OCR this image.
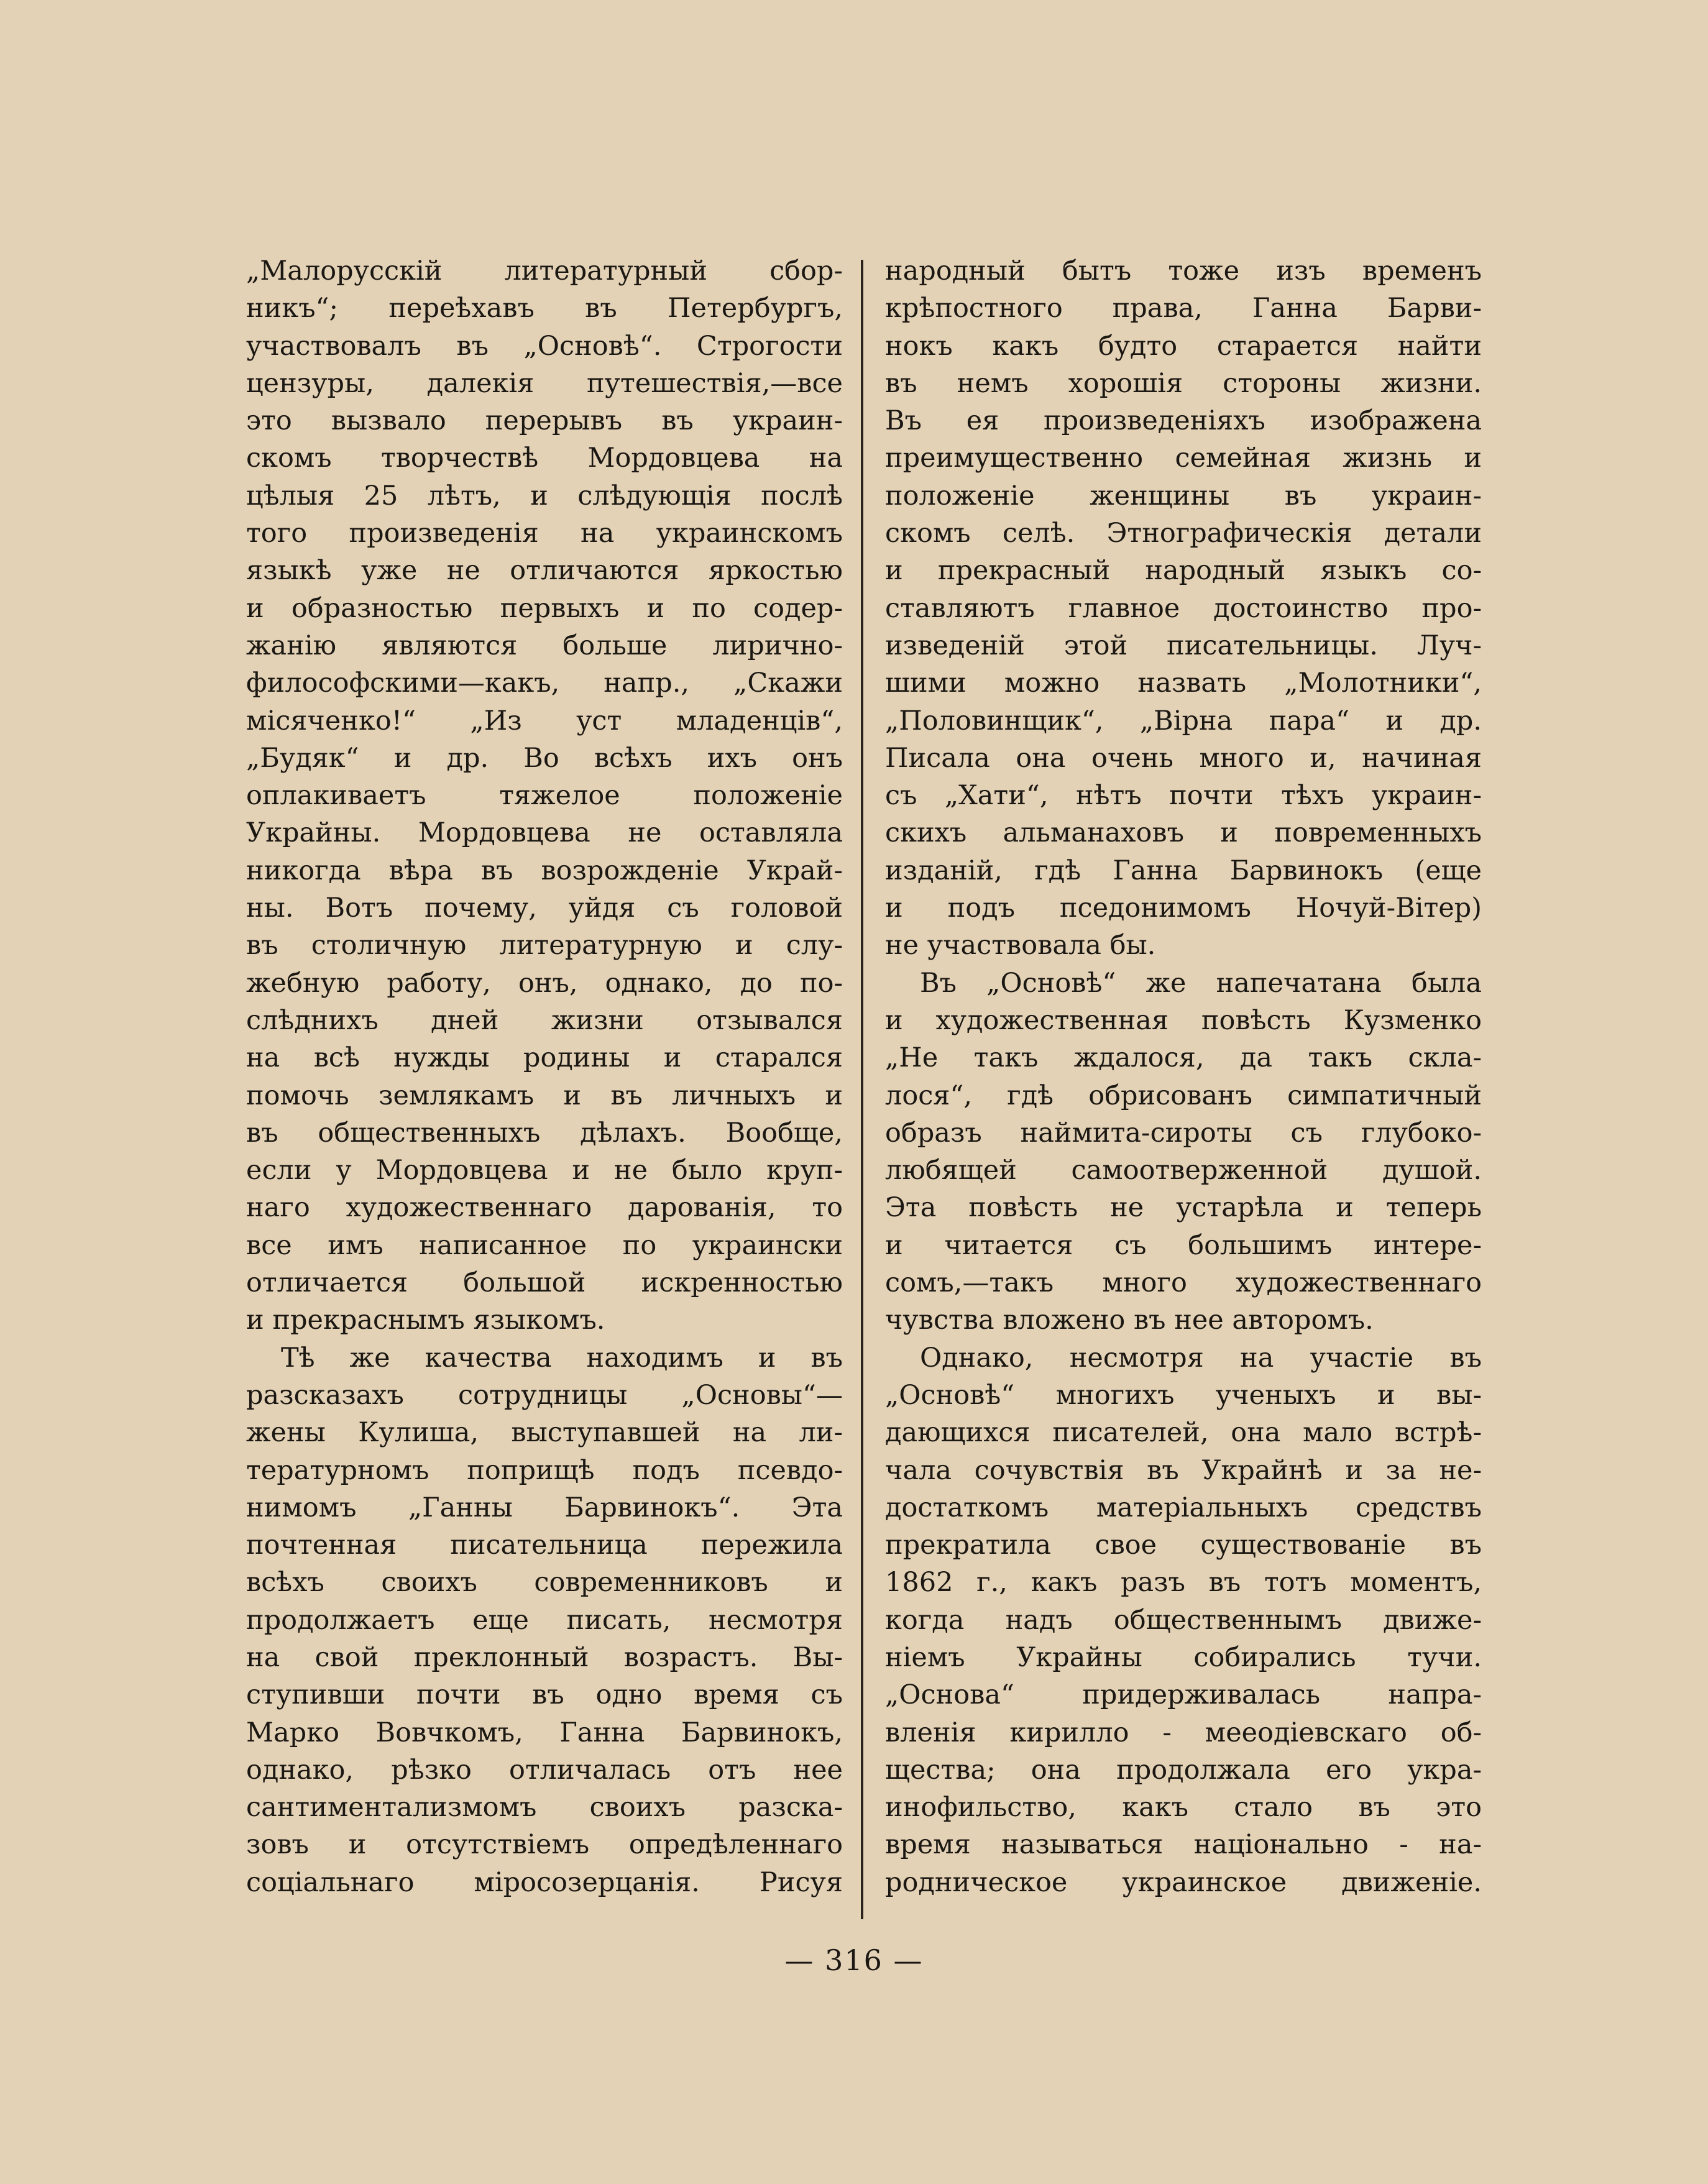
„Малорусскій литературный сбор-
никъ“; переѣхавъ въ Петербургъ,
участвовалъ въ „Основѣ“. Строгости
цензуры, далекія путешествія,—все
это вызвало перерывъ въ украин-
скомъ творчествѣ Мордовцева на
цѣлыя 25 лѣтъ, и слѣдующія послѣ
того произведенія на украинскомъ
языкѣ уже не отличаются яркостью
и образностью первыхъ и по содер-
жанію являются больше лирично-
философскими—какъ, напр., „Скажи
місяченко!“ „Из уст младенців“,
„Будяк“ и др. Во всѣхъ ихъ онъ
оплакиваетъ тяжелое положеніе
Украйны. Мордовцева не оставляла
никогда вѣра въ возрожденіе Украй-
ны. Вотъ почему, уйдя съ головой
въ столичную литературную и слу-
жебную работу, онъ, однако, до по-
слѣднихъ дней жизни отзывался
на всѣ нужды родины и старался
помочь землякамъ и въ личныхъ и
въ общественныхъ дѣлахъ. Вообще,
если у Мордовцева и не было круп-
наго художественнаго дарованія, то
все имъ написанное по украински
отличается большой искренностью
и прекраснымъ языкомъ.
Тѣ же качества находимъ и въ
разсказахъ сотрудницы „Основы“—
жены Кулиша, выступавшей на ли-
тературномъ поприщѣ подъ псевдо-
нимомъ „Ганны Барвинокъ“. Эта
почтенная писательница пережила
всѣхъ своихъ современниковъ и
продолжаетъ еще писать, несмотря
на свой преклонный возрастъ. Вы-
ступивши почти въ одно время съ
Марко Вовчкомъ, Ганна Барвинокъ,
однако, рѣзко отличалась отъ нее
сантиментализмомъ своихъ разска-
зовъ и отсутствіемъ опредѣленнаго
соціальнаго міросозерцанія. Рисуя
народный бытъ тоже изъ временъ
крѣпостного права, Ганна Барви-
нокъ какъ будто старается найти
въ немъ хорошія стороны жизни.
Въ ея произведеніяхъ изображена
преимущественно семейная жизнь и
положеніе женщины въ украин-
скомъ селѣ. Этнографическія детали
и прекрасный народный языкъ со-
ставляютъ главное достоинство про-
изведеній этой писательницы. Луч-
шими можно назвать „Молотники“,
„Половинщик“, „Вірна пара“ и др.
Писала она очень много и, начиная
съ „Хати“, нѣтъ почти тѣхъ украин-
скихъ альманаховъ и повременныхъ
изданій, гдѣ Ганна Барвинокъ (еще
и подъ пседонимомъ Ночуй-Вітер)
не участвовала бы.
Въ „Основѣ“ же напечатана была
и художественная повѣсть Кузменко
„Не такъ ждалося, да такъ скла-
лося“, гдѣ обрисованъ симпатичный
образъ наймита-сироты съ глубоко-
любящей самоотверженной душой.
Эта повѣсть не устарѣла и теперь
и читается съ большимъ интере-
сомъ,—такъ много художественнаго
чувства вложено въ нее авторомъ.
Однако, несмотря на участіе въ
„Основѣ“ многихъ ученыхъ и вы-
дающихся писателей, она мало встрѣ-
чала сочувствія въ Украйнѣ и за не-
достаткомъ матеріальныхъ средствъ
прекратила свое существованіе въ
1862 г., какъ разъ въ тотъ моментъ,
когда надъ общественнымъ движе-
ніемъ Украйны собирались тучи.
„Основа“ придерживалась напра-
вленія кирилло - мееодіевскаго об-
щества; она продолжала его укра-
инофильство, какъ стало въ это
время называться національно - на-
родническое украинское движеніе.
— 316 —
